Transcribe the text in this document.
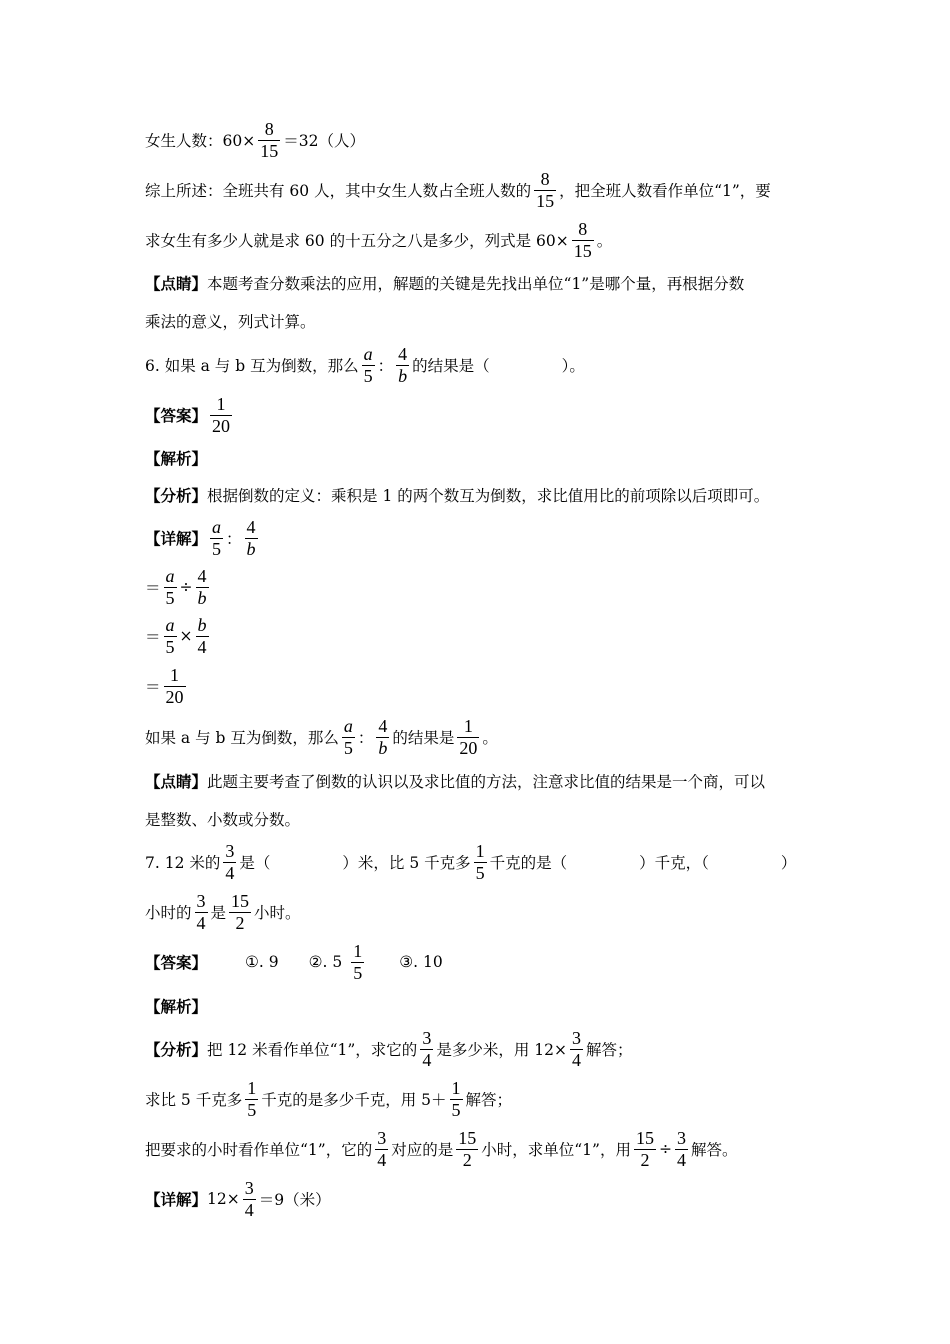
女生人数：$60\times \frac{8}{15} =32$（人）
综上所述：全班共有 60 人，其中女生人数占全班人数的 $\frac{8}{15}$ ，把全班人数看作单位“1”，要
求女生有多少人就是求 60 的十五分之八是多少，列式是 $60\times \frac{8}{15}$ 。
【点睛】 本题考查分数乘法的应用，解题的关键是先找出单位“1”是哪个量，再根据分数
乘法的意义，列式计算。
6. 如果 a 与 b 互为倒数，那么 $\frac{a}{5}$ ： $\frac{4}{b}$ 的结果是（	）。
【答案】 $\frac{1}{20}$
【解析】
【分析】 根据倒数的定义：乘积是 1 的两个数互为倒数，求比值用比的前项除以后项即可。
【详解】 $\frac{a}{5}$ ： $\frac{4}{b}$
＝ $\frac{a}{5} \div \frac{4}{b}$
＝ $\frac{a}{5} \times \frac{b}{4}$
＝ $\frac{1}{20}$
如果 a 与 b 互为倒数，那么 $\frac{a}{5}$ ： $\frac{4}{b}$ 的结果是 $\frac{1}{20}$ 。
【点睛】 此题主要考查了倒数的认识以及求比值的方法，注意求比值的结果是一个商，可以
是整数、小数或分数。
7. 12 米的 $\frac{3}{4}$ 是（	）米，比 5 千克多 $\frac{1}{5}$ 千克的是（	）千克，（	）
小时的 $\frac{3}{4}$ 是 $\frac{15}{2}$ 小时。
【答案】 ①. 9 ②. $5 \frac{1}{5}$ ③. 10
【解析】
【分析】 把 12 米看作单位“1”，求它的 $\frac{3}{4}$ 是多少米，用 $12\times \frac{3}{4}$ 解答；
求比 5 千克多 $\frac{1}{5}$ 千克的是多少千克，用 $5+ \frac{1}{5}$ 解答；
把要求的小时看作单位“1”，它的 $\frac{3}{4}$ 对应的是 $\frac{15}{2}$ 小时，求单位“1”，用 $\frac{15}{2} \div \frac{3}{4}$ 解答。
【详解】 $12\times \frac{3}{4} =9$（米）
